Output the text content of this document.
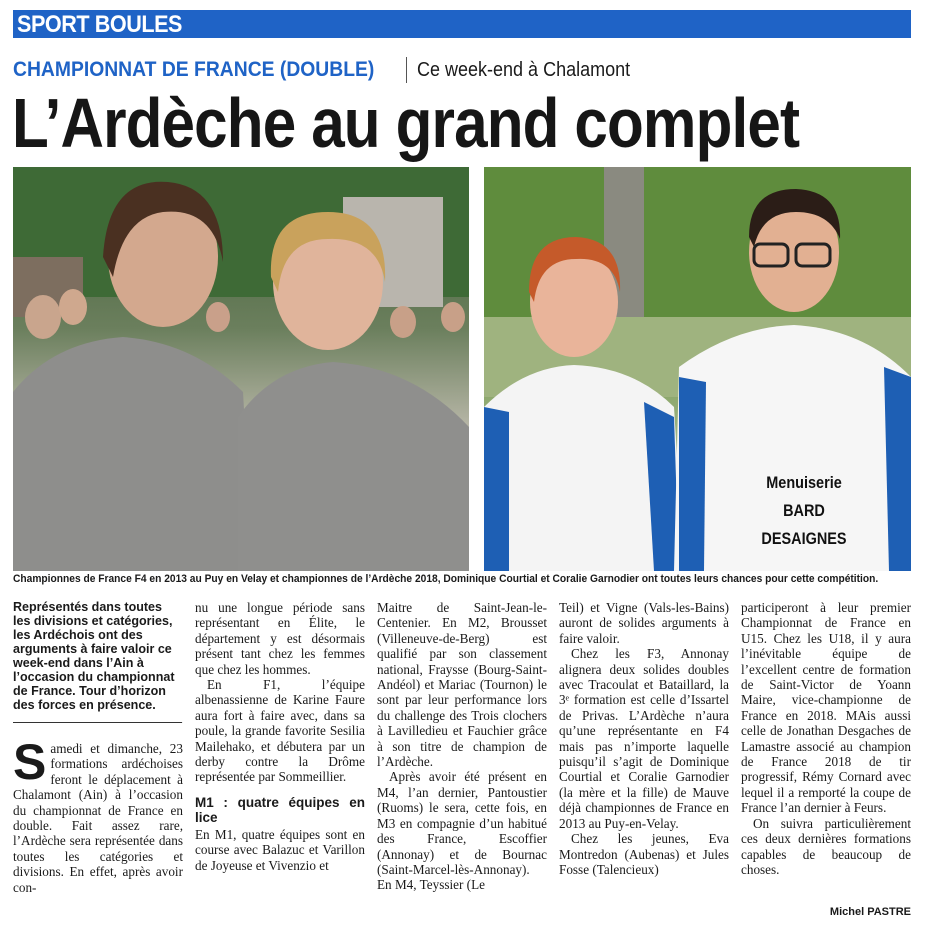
SPORT BOULES
CHAMPIONNAT DE FRANCE (DOUBLE) Ce week-end à Chalamont
L’Ardèche au grand complet
Menuiserie BARD
DESAIGNES
Championnes de France F4 en 2013 au Puy en Velay et championnes de l’Ardèche 2018, Dominique Courtial et Coralie Garnodier ont toutes leurs chances pour cette compétition.
Représentés dans toutes les divisions et catégories, les Ardéchois ont des arguments à faire valoir ce week-end dans l’Ain à l’occasion du championnat de France. Tour d’horizon des forces en présence.
S amedi et dimanche, 23 formations ardéchoises feront le déplacement à Chalamont (Ain) à l’occasion du championnat de France en double. Fait assez rare, l’Ardèche sera représentée dans toutes les catégories et divisions. En effet, après avoir con-

nu une longue période sans représentant en Élite, le département y est désormais présent tant chez les femmes que chez les hommes.

En F1, l’équipe albenassienne de Karine Faure aura fort à faire avec, dans sa poule, la grande favorite Sesilia Mailehako, et débutera par un derby contre la Drôme représentée par Sommeillier.

M1 : quatre équipes en lice

En M1, quatre équipes sont en course avec Balazuc et Varillon de Joyeuse et Vivenzio et

Maitre de Saint-Jean-le-Centenier. En M2, Brousset (Villeneuve-de-Berg) est qualifié par son classement national, Fraysse (Bourg-Saint-Andéol) et Mariac (Tournon) le sont par leur performance lors du challenge des Trois clochers à Lavilledieu et Fauchier grâce à son titre de champion de l’Ardèche.

Après avoir été présent en M4, l’an dernier, Pantoustier (Ruoms) le sera, cette fois, en M3 en compagnie d’un habitué des France, Escoffier (Annonay) et de Bournac (Saint-Marcel-lès-Annonay). En M4, Teyssier (Le

Teil) et Vigne (Vals-les-Bains) auront de solides arguments à faire valoir.

Chez les F3, Annonay alignera deux solides doubles avec Tracoulat et Bataillard, la 3ᵉ formation est celle d’Issartel de Privas. L’Ardèche n’aura qu’une représentante en F4 mais pas n’importe laquelle puisqu’il s’agit de Dominique Courtial et Coralie Garnodier (la mère et la fille) de Mauve déjà championnes de France en 2013 au Puy-en-Velay.

Chez les jeunes, Eva Montredon (Aubenas) et Jules Fosse (Talencieux)

participeront à leur premier Championnat de France en U15. Chez les U18, il y aura l’inévitable équipe de l’excellent centre de formation de Saint-Victor de Yoann Maire, vice-championne de France en 2018. MAis aussi celle de Jonathan Desgaches de Lamastre associé au champion de France 2018 de tir progressif, Rémy Cornard avec lequel il a remporté la coupe de France l’an dernier à Feurs.

On suivra particulièrement ces deux dernières formations capables de beaucoup de choses.

Michel PASTRE
